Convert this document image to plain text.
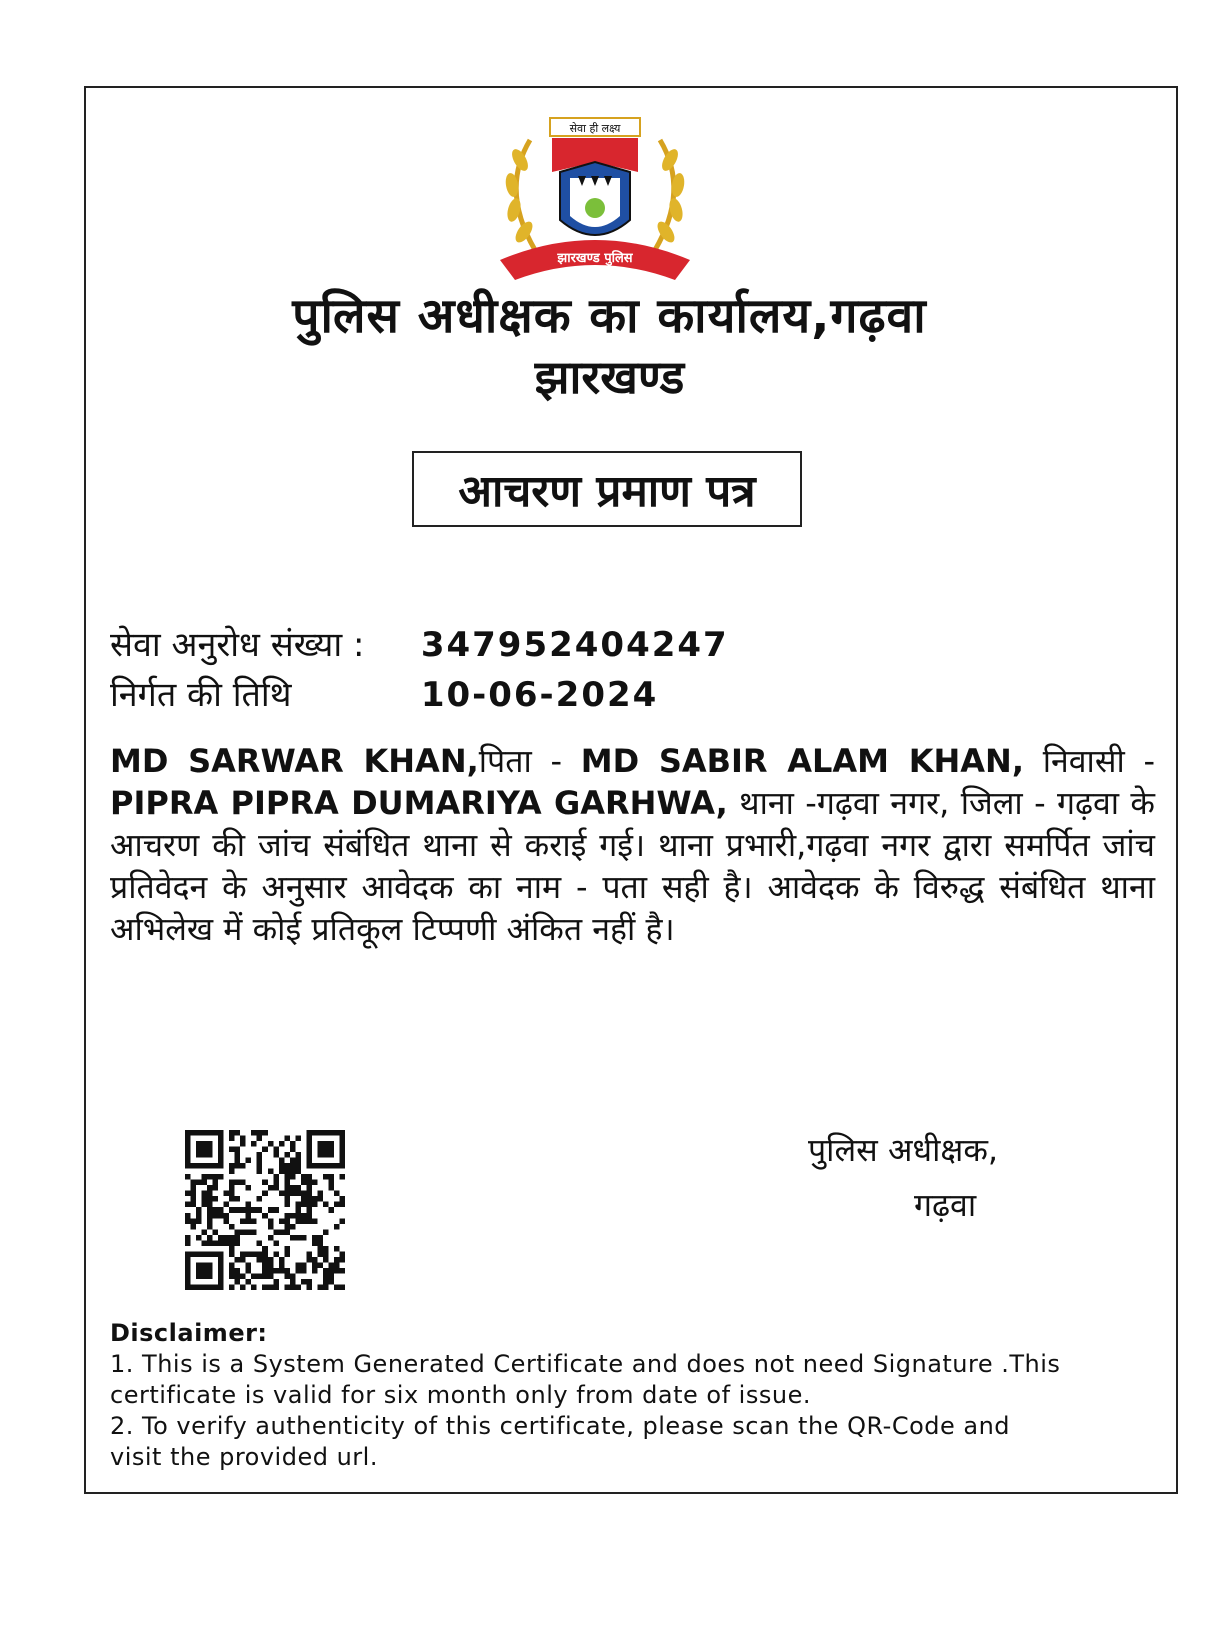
सेवा ही लक्ष्य
झारखण्ड पुलिस
पुलिस अधीक्षक का कार्यालय,गढ़वा
झारखण्ड
आचरण प्रमाण पत्र
सेवा अनुरोध संख्या : 347952404247
निर्गत की तिथि	10-06-2024
MD SARWAR KHAN,पिता - MD SABIR ALAM KHAN, निवासी - PIPRA PIPRA DUMARIYA GARHWA, थाना -गढ़वा नगर, जिला - गढ़वा के आचरण की जांच संबंधित थाना से कराई गई। थाना प्रभारी,गढ़वा नगर द्वारा समर्पित जांच प्रतिवेदन के अनुसार आवेदक का नाम - पता सही है। आवेदक के विरुद्ध संबंधित थाना अभिलेख में कोई प्रतिकूल टिप्पणी अंकित नहीं है।
पुलिस अधीक्षक,
गढ़वा
Disclaimer:
1. This is a System Generated Certificate and does not need Signature .This
certificate is valid for six month only from date of issue.
2. To verify authenticity of this certificate, please scan the QR-Code and
visit the provided url.
